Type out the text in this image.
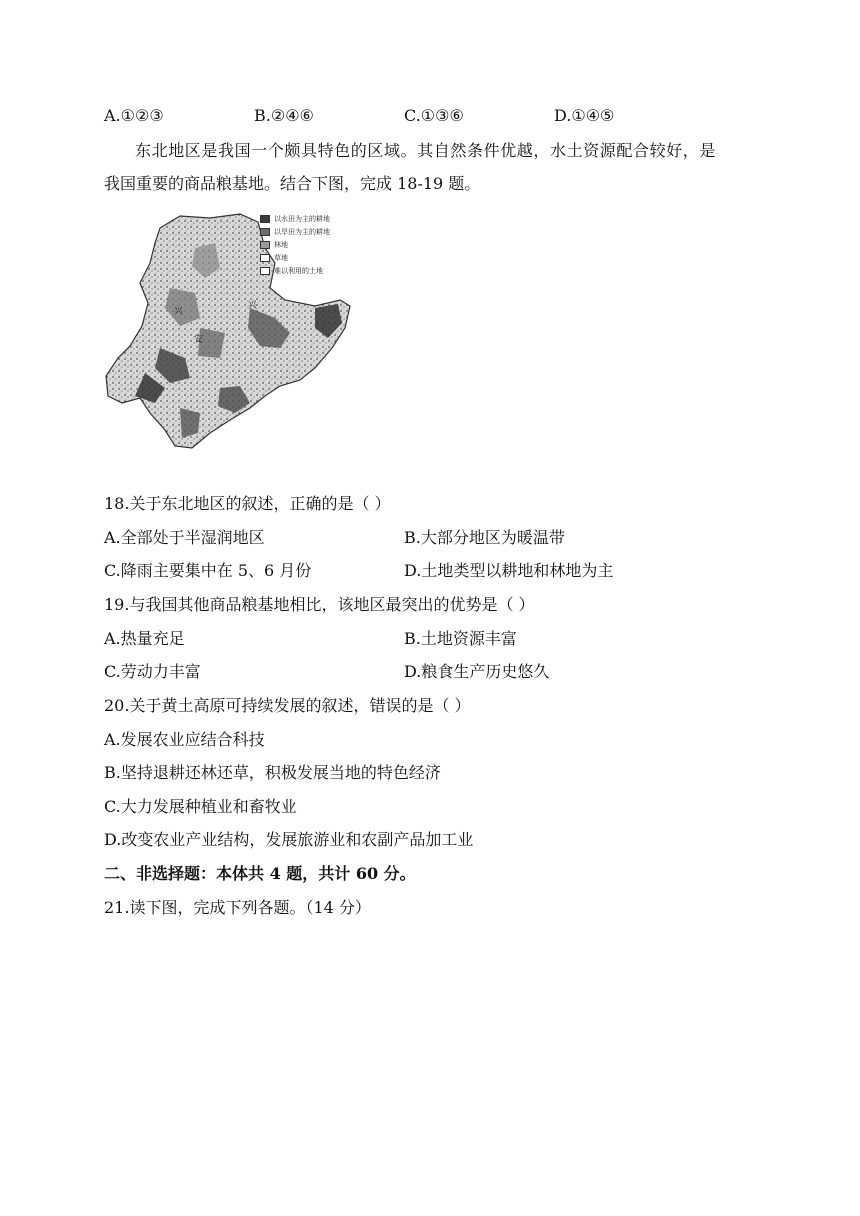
A.①②③	B.②④⑥	C.①③⑥	D.①④⑤
东北地区是我国一个颇具特色的区域。其自然条件优越，水土资源配合较好，是
我国重要的商品粮基地。结合下图，完成 18-19 题。
以水田为主的耕地
以旱田为主的耕地
林地
草地
难以利用的土地
兴
安
兴
18.关于东北地区的叙述，正确的是（ ）
A.全部处于半湿润地区	B.大部分地区为暖温带
C.降雨主要集中在 5、6 月份	D.土地类型以耕地和林地为主
19.与我国其他商品粮基地相比，该地区最突出的优势是（ ）
A.热量充足	B.土地资源丰富
C.劳动力丰富	D.粮食生产历史悠久
20.关于黄土高原可持续发展的叙述，错误的是（ ）
A.发展农业应结合科技
B.坚持退耕还林还草，积极发展当地的特色经济
C.大力发展种植业和畜牧业
D.改变农业产业结构，发展旅游业和农副产品加工业
二、非选择题：本体共 4 题，共计 60 分。
21.读下图，完成下列各题。（14 分）
